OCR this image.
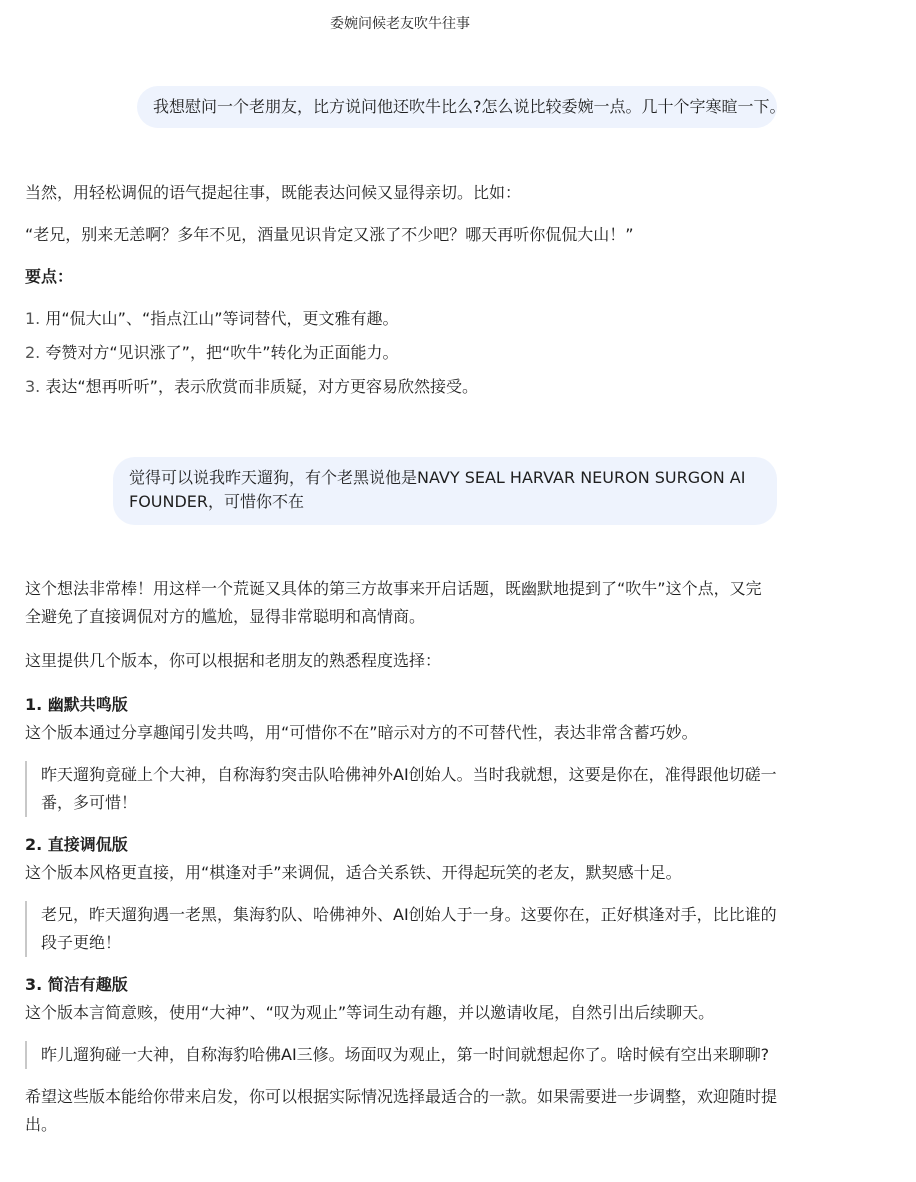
委婉问候老友吹牛往事
我想慰问一个老朋友，比方说问他还吹牛比么?怎么说比较委婉一点。几十个字寒暄一下。

当然，用轻松调侃的语气提起往事，既能表达问候又显得亲切。比如：

“老兄，别来无恙啊？多年不见，酒量见识肯定又涨了不少吧？哪天再听你侃侃大山！”

要点：

1. 用“侃大山”、“指点江山”等词替代，更文雅有趣。
2. 夸赞对方“见识涨了”，把“吹牛”转化为正面能力。
3. 表达“想再听听”，表示欣赏而非质疑，对方更容易欣然接受。
觉得可以说我昨天遛狗，有个老黑说他是NAVY SEAL HARVAR NEURON SURGON AI FOUNDER，可惜你不在

这个想法非常棒！用这样一个荒诞又具体的第三方故事来开启话题，既幽默地提到了“吹牛”这个点，又完全避免了直接调侃对方的尴尬，显得非常聪明和高情商。

这里提供几个版本，你可以根据和老朋友的熟悉程度选择：

1. 幽默共鸣版
这个版本通过分享趣闻引发共鸣，用“可惜你不在”暗示对方的不可替代性，表达非常含蓄巧妙。
昨天遛狗竟碰上个大神，自称海豹突击队哈佛神外AI创始人。当时我就想，这要是你在，准得跟他切磋一番，多可惜！
2. 直接调侃版
这个版本风格更直接，用“棋逢对手”来调侃，适合关系铁、开得起玩笑的老友，默契感十足。
老兄，昨天遛狗遇一老黑，集海豹队、哈佛神外、AI创始人于一身。这要你在，正好棋逢对手，比比谁的段子更绝！
3. 简洁有趣版
这个版本言简意赅，使用“大神”、“叹为观止”等词生动有趣，并以邀请收尾，自然引出后续聊天。
昨儿遛狗碰一大神，自称海豹哈佛AI三修。场面叹为观止，第一时间就想起你了。啥时候有空出来聊聊?

希望这些版本能给你带来启发，你可以根据实际情况选择最适合的一款。如果需要进一步调整，欢迎随时提出。
